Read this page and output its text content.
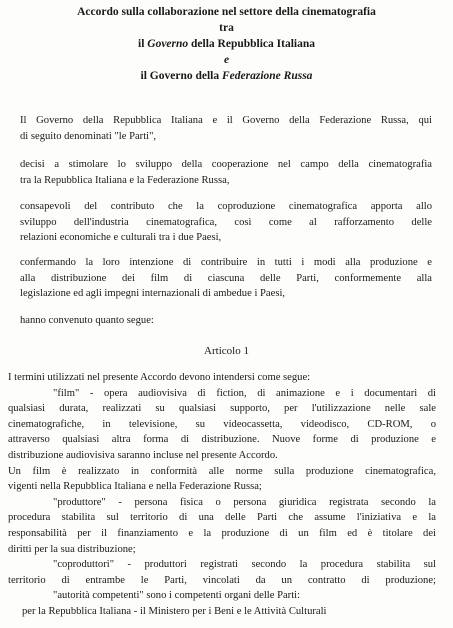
Accordo sulla collaborazione nel settore della cinematografia
tra
il Governo della Repubblica Italiana
e
il Governo della Federazione Russa
Il Governo della Repubblica Italiana e il Governo della Federazione Russa, qui
di seguito denominati "le Parti",
decisi a stimolare lo sviluppo della cooperazione nel campo della cinematografia
tra la Repubblica Italiana e la Federazione Russa,
consapevoli del contributo che la coproduzione cinematografica apporta allo
sviluppo dell'industria cinematografica, così come al rafforzamento delle
relazioni economiche e culturali tra i due Paesi,
confermando la loro intenzione di contribuire in tutti i modi alla produzione e
alla distribuzione dei film di ciascuna delle Parti, conformemente alla
legislazione ed agli impegni internazionali di ambedue i Paesi,
hanno convenuto quanto segue:
Articolo 1
I termini utilizzati nel presente Accordo devono intendersi come segue:
"film" - opera audiovisiva di fiction, di animazione e i documentari di
qualsiasi durata, realizzati su qualsiasi supporto, per l'utilizzazione nelle sale
cinematografiche, in televisione, su videocassetta, videodisco, CD-ROM, o
attraverso qualsiasi altra forma di distribuzione. Nuove forme di produzione e
distribuzione audiovisiva saranno incluse nel presente Accordo.
Un film è realizzato in conformità alle norme sulla produzione cinematografica,
vigenti nella Repubblica Italiana e nella Federazione Russa;
"produttore" - persona fisica o persona giuridica registrata secondo la
procedura stabilita sul territorio di una delle Parti che assume l'iniziativa e la
responsabilità per il finanziamento e la produzione di un film ed è titolare dei
diritti per la sua distribuzione;
"coproduttori" - produttori registrati secondo la procedura stabilita sul
territorio di entrambe le Parti, vincolati da un contratto di produzione;
"autorità competenti" sono i competenti organi delle Parti:
per la Repubblica Italiana - il Ministero per i Beni e le Attività Culturali
